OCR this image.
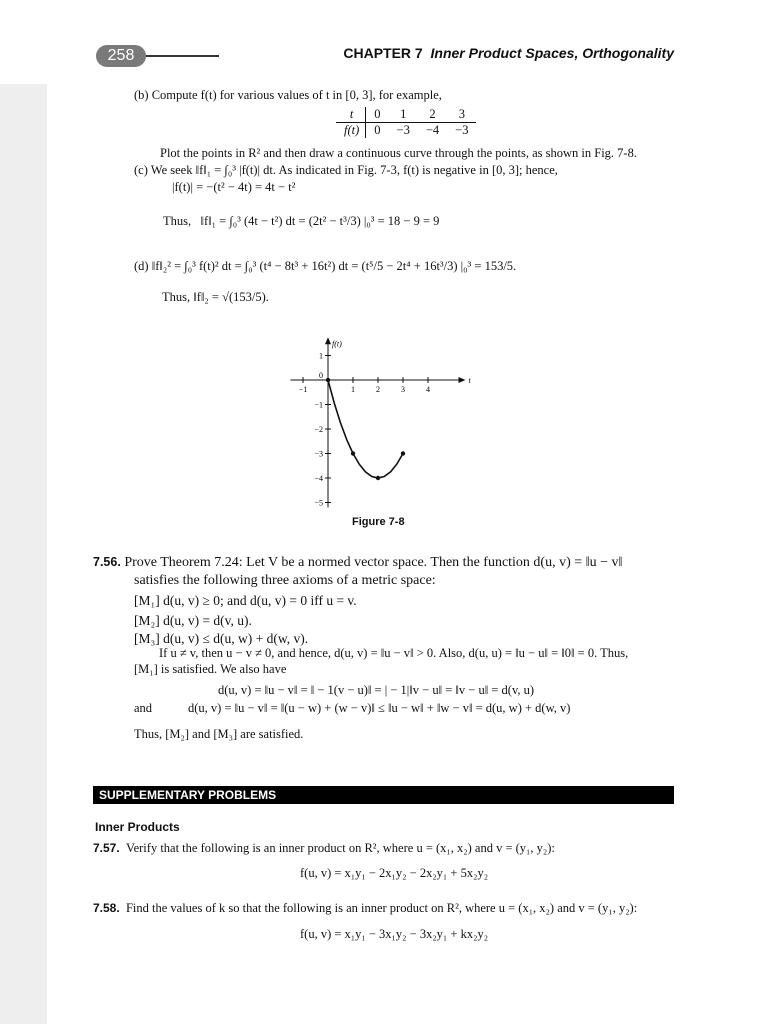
258	CHAPTER 7 Inner Product Spaces, Orthogonality
(b) Compute f(t) for various values of t in [0, 3], for example,
t	0	1	2	3
f(t)	0	−3	−4	−3
Plot the points in R² and then draw a continuous curve through the points, as shown in Fig. 7-8.
(c) We seek ‖f‖₁ = ∫₀³ |f(t)| dt. As indicated in Fig. 7-3, f(t) is negative in [0, 3]; hence,
|f(t)| = −(t² − 4t) = 4t − t²
Thus, ‖f‖₁ = ∫₀³ (4t − t²) dt = (2t² − t³/3) |₀³ = 18 − 9 = 9
(d) ‖f‖₂² = ∫₀³ f(t)² dt = ∫₀³ (t⁴ − 8t³ + 16t²) dt = (t⁵/5 − 2t⁴ + 16t³/3) |₀³ = 153/5.
Thus, ‖f‖₂ = √(153/5).
−1
0
1	2	3	4
1
−1
−2
−3
−4
−5
f(t)
t
Figure 7-8
7.56. Prove Theorem 7.24: Let V be a normed vector space. Then the function d(u, v) = ‖u − v‖
satisfies the following three axioms of a metric space:
[M₁] d(u, v) ≥ 0; and d(u, v) = 0 iff u = v.
[M₂] d(u, v) = d(v, u).
[M₃] d(u, v) ≤ d(u, w) + d(w, v).
If u ≠ v, then u − v ≠ 0, and hence, d(u, v) = ‖u − v‖ > 0. Also, d(u, u) = ‖u − u‖ = ‖0‖ = 0. Thus,
[M₁] is satisfied. We also have
d(u, v) = ‖u − v‖ = ‖ − 1(v − u)‖ = | − 1|‖v − u‖ = ‖v − u‖ = d(v, u)
and	d(u, v) = ‖u − v‖ = ‖(u − w) + (w − v)‖ ≤ ‖u − w‖ + ‖w − v‖ = d(u, w) + d(w, v)
Thus, [M₂] and [M₃] are satisfied.
SUPPLEMENTARY PROBLEMS
Inner Products
7.57. Verify that the following is an inner product on R², where u = (x₁, x₂) and v = (y₁, y₂):
f(u, v) = x₁y₁ − 2x₁y₂ − 2x₂y₁ + 5x₂y₂
7.58. Find the values of k so that the following is an inner product on R², where u = (x₁, x₂) and v = (y₁, y₂):
f(u, v) = x₁y₁ − 3x₁y₂ − 3x₂y₁ + kx₂y₂
